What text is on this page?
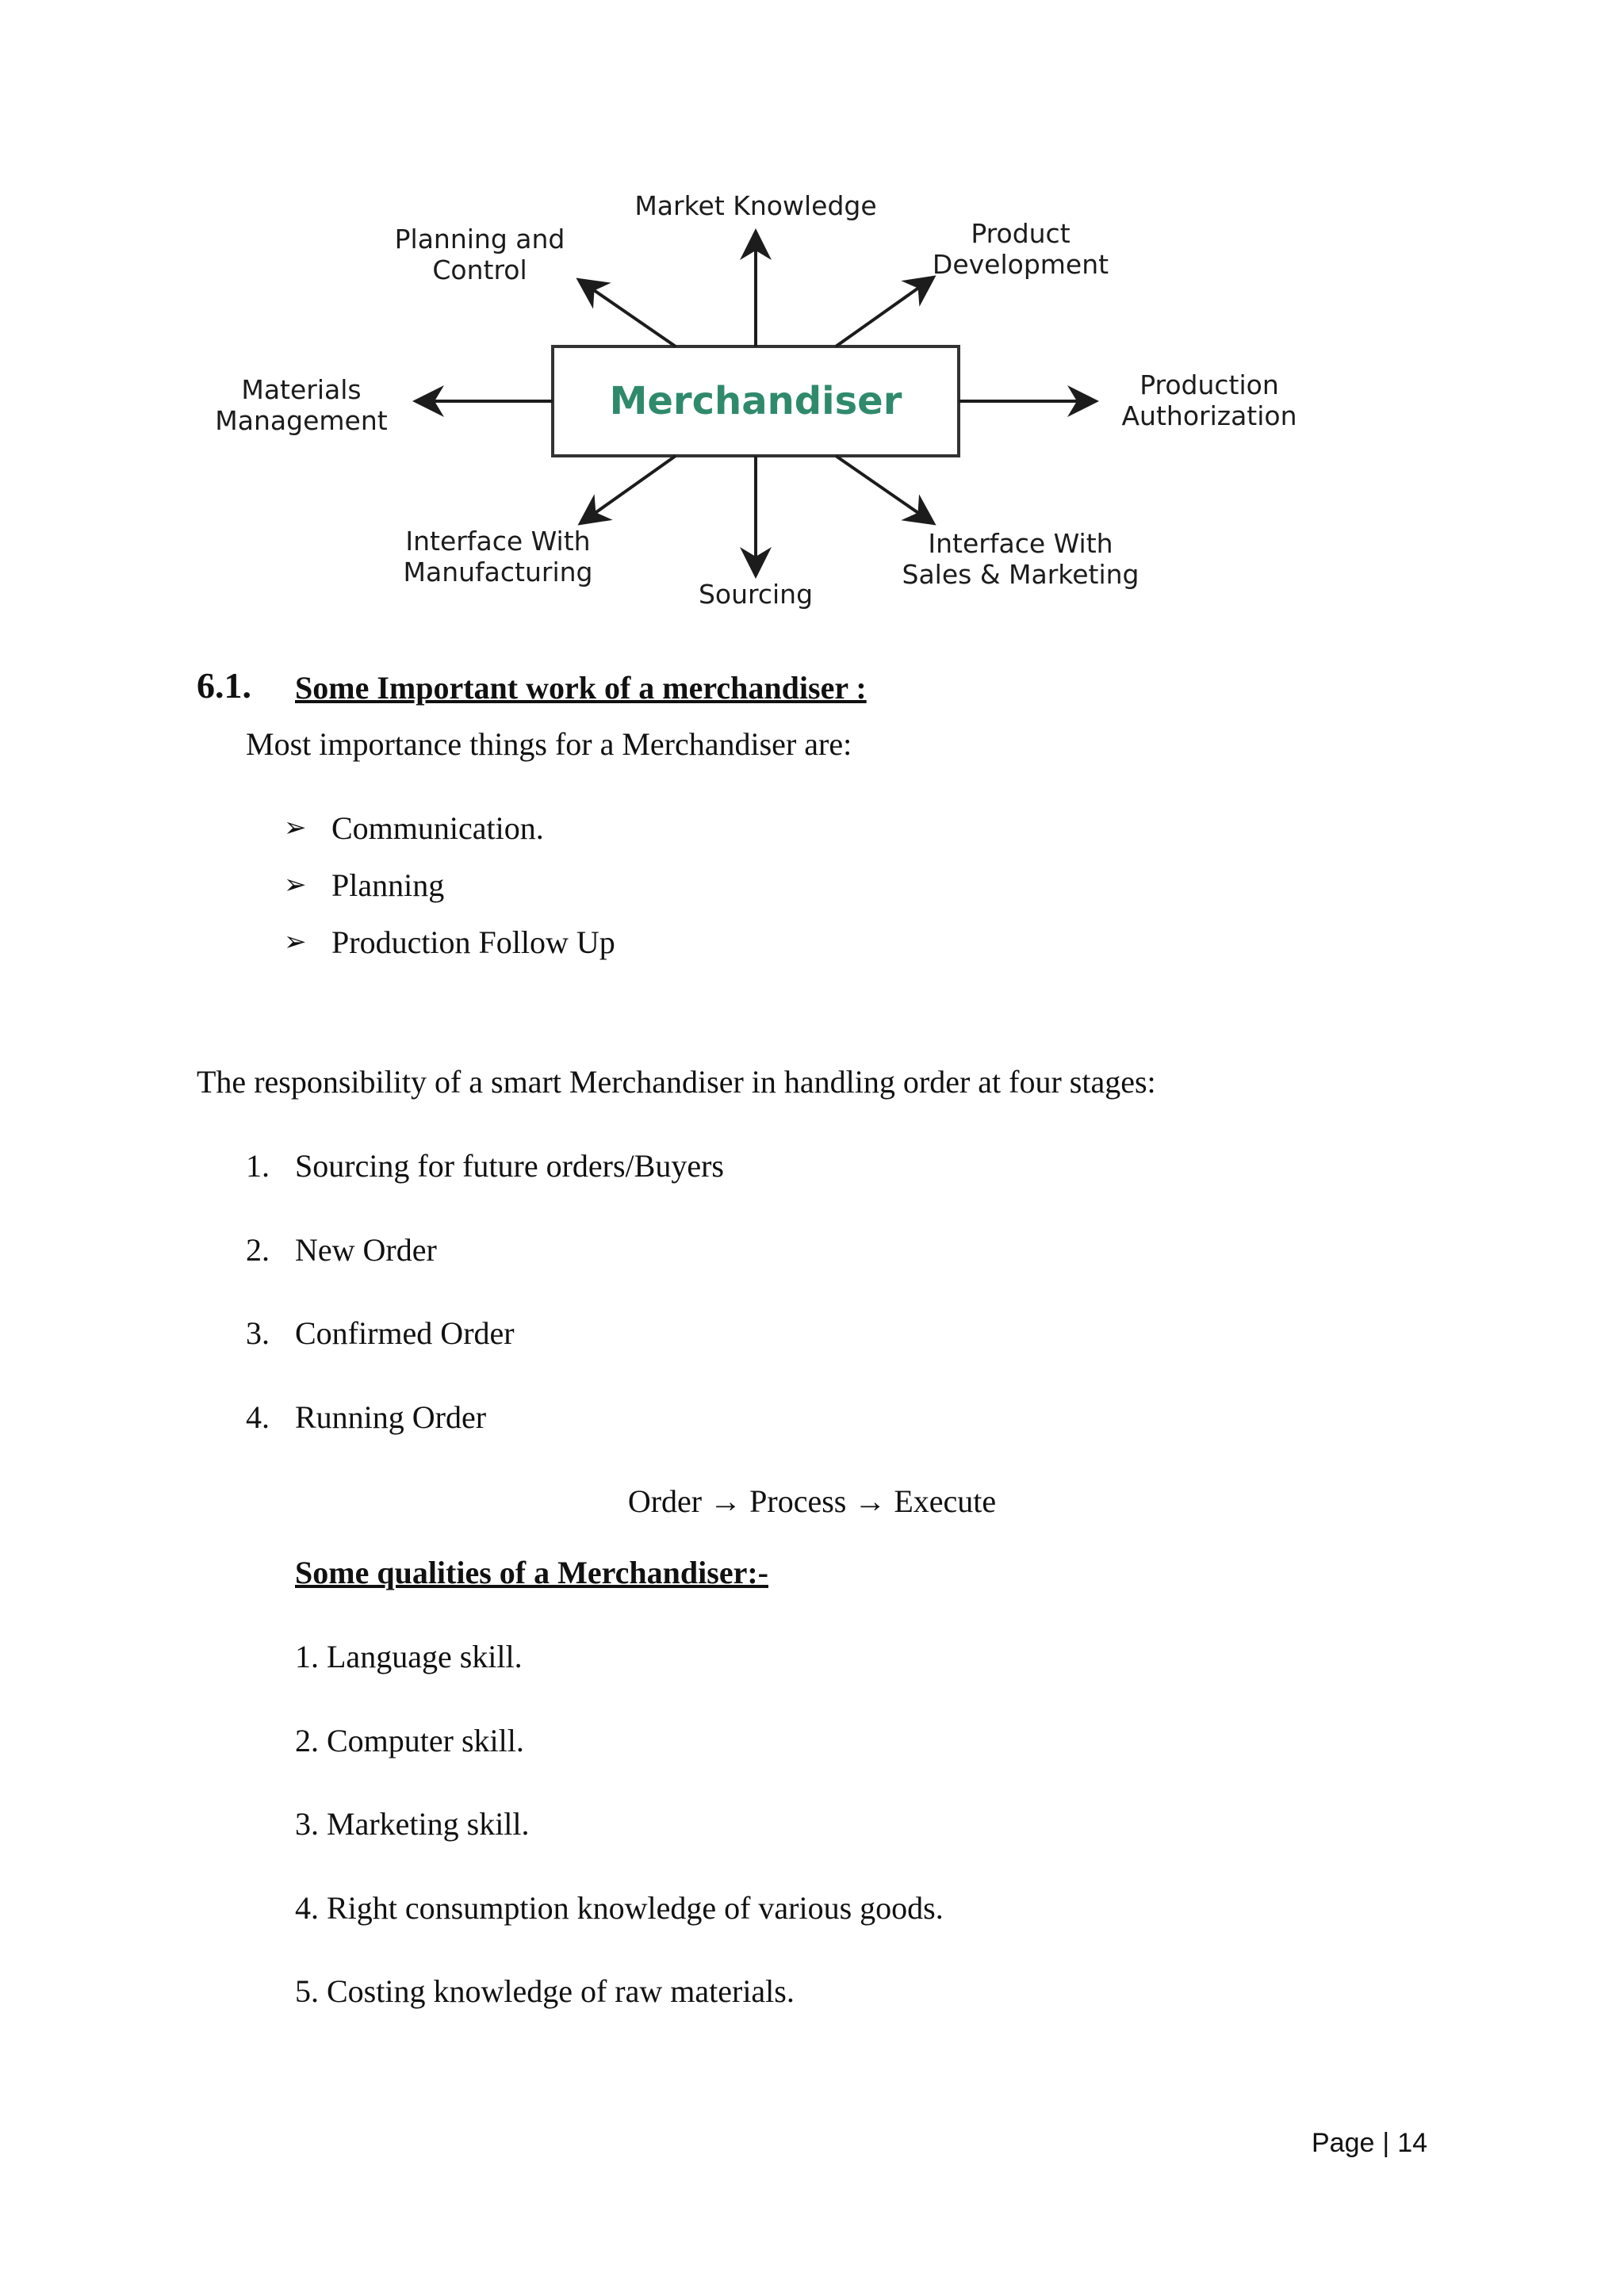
Merchandiser
Market Knowledge
Planning and
Control
Product
Development
Materials
Management
Production
Authorization
Interface With
Manufacturing
Sourcing
Interface With
Sales & Marketing
6.1. Some Important work of a merchandiser :
Most importance things for a Merchandiser are:
➢ Communication.
➢ Planning
➢ Production Follow Up
The responsibility of a smart Merchandiser in handling order at four stages:
1. Sourcing for future orders/Buyers
2. New Order
3. Confirmed Order
4. Running Order
Order → Process → Execute
Some qualities of a Merchandiser:-
1. Language skill.
2. Computer skill.
3. Marketing skill.
4. Right consumption knowledge of various goods.
5. Costing knowledge of raw materials.
Page | 14
